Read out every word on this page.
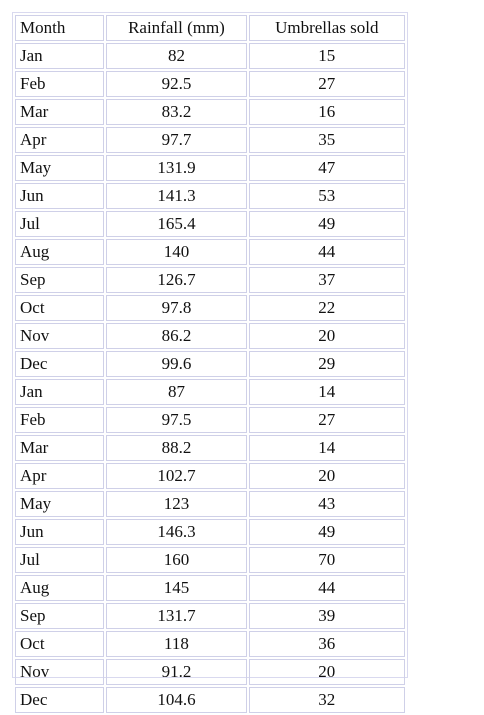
Month	Rainfall (mm)	Umbrellas sold
Jan	82	15
Feb	92.5	27
Mar	83.2	16
Apr	97.7	35
May	131.9	47
Jun	141.3	53
Jul	165.4	49
Aug	140	44
Sep	126.7	37
Oct	97.8	22
Nov	86.2	20
Dec	99.6	29
Jan	87	14
Feb	97.5	27
Mar	88.2	14
Apr	102.7	20
May	123	43
Jun	146.3	49
Jul	160	70
Aug	145	44
Sep	131.7	39
Oct	118	36
Nov	91.2	20
Dec	104.6	32
